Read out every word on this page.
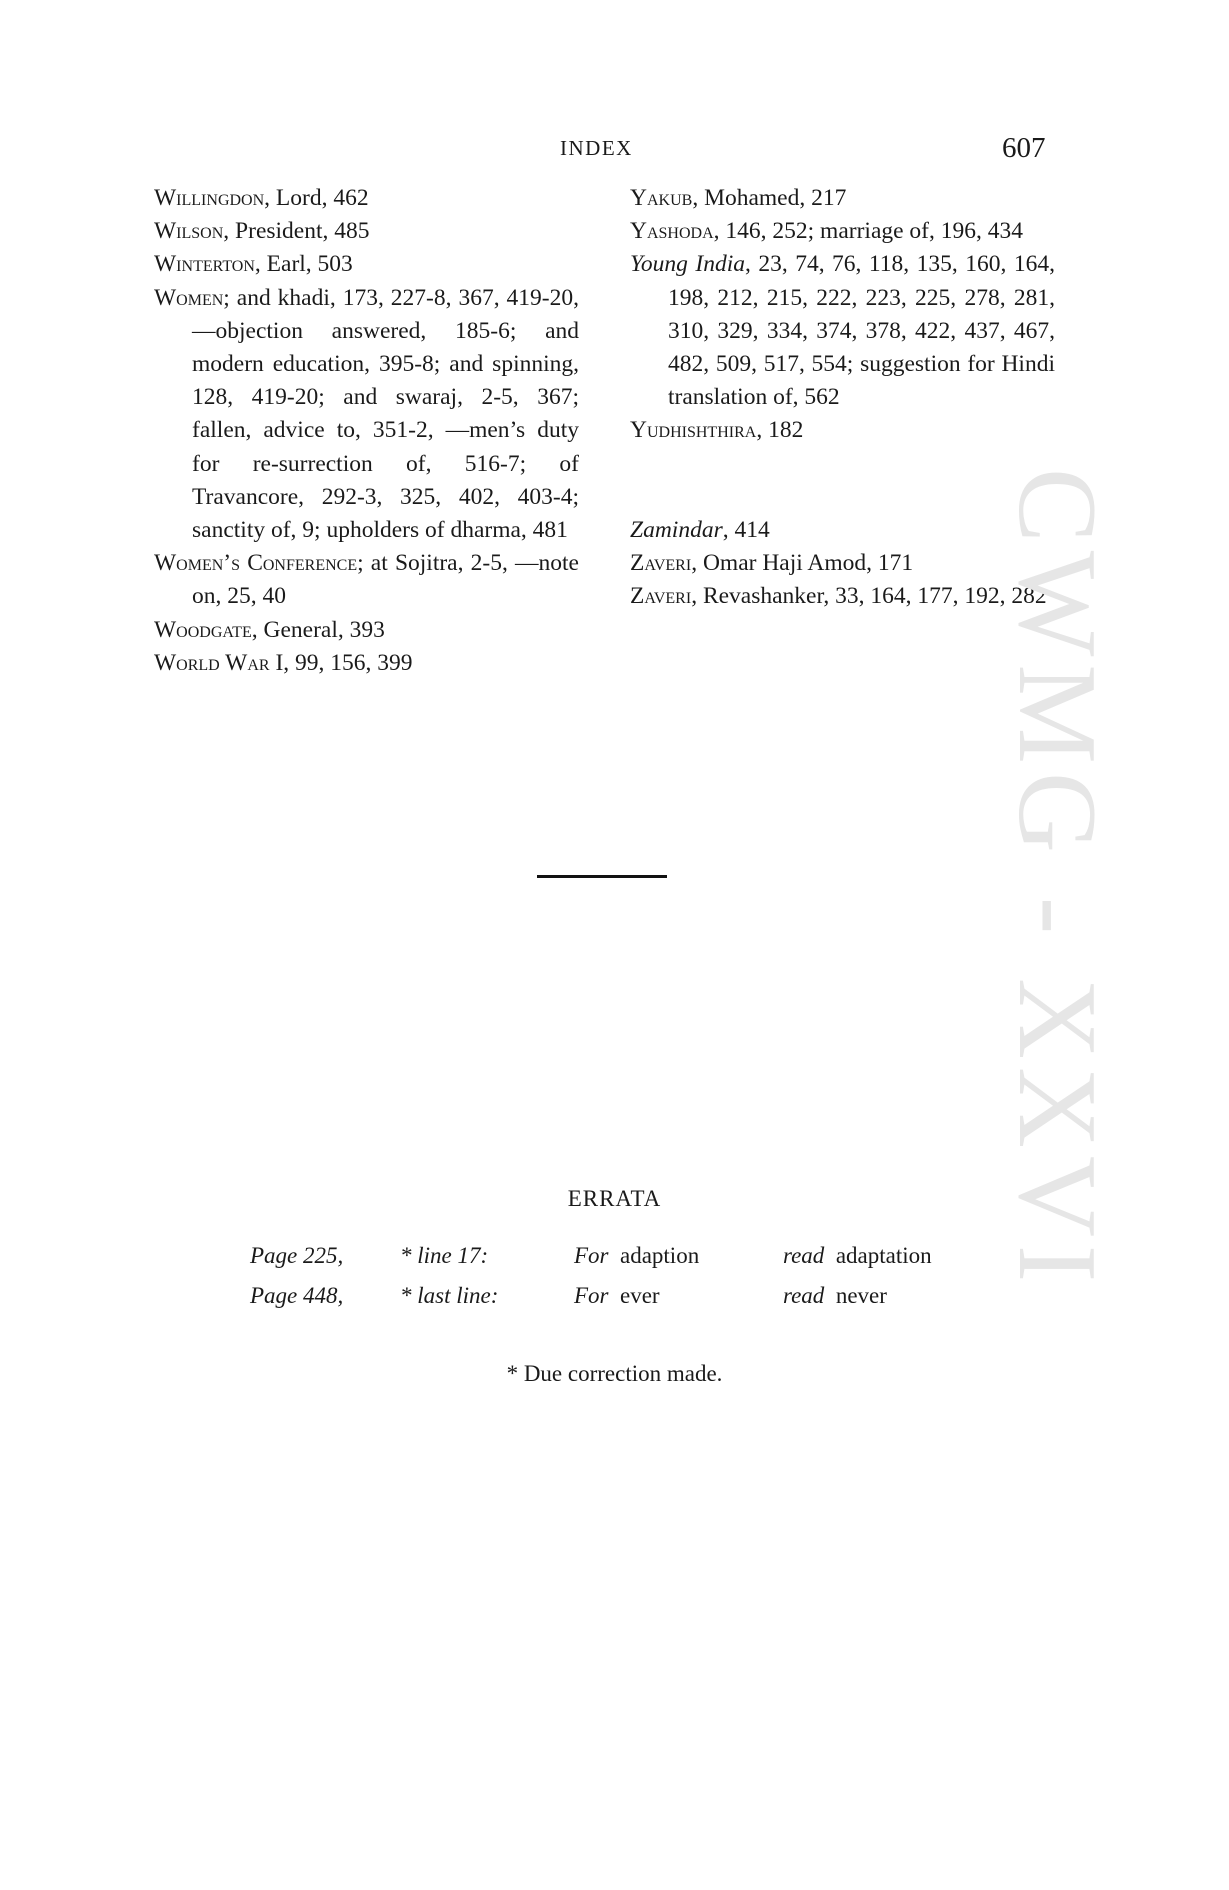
INDEX	607
Willingdon, Lord, 462
Wilson, President, 485
Winterton, Earl, 503
Women; and khadi, 173, 227-8, 367, 419-20, —objection answered, 185-6; and modern education, 395-8; and spinning, 128, 419-20; and swaraj, 2-5, 367; fallen, advice to, 351-2, —men’s duty for re-surrection of, 516-7; of Travancore, 292-3, 325, 402, 403-4; sanctity of, 9; upholders of dharma, 481
Women’s Conference; at Sojitra, 2-5, —note on, 25, 40
Woodgate, General, 393
World War I, 99, 156, 399
Yakub, Mohamed, 217
Yashoda, 146, 252; marriage of, 196, 434
Young India, 23, 74, 76, 118, 135, 160, 164, 198, 212, 215, 222, 223, 225, 278, 281, 310, 329, 334, 374, 378, 422, 437, 467, 482, 509, 517, 554; suggestion for Hindi translation of, 562
Yudhishthira, 182
Zamindar, 414
Zaveri, Omar Haji Amod, 171
Zaveri, Revashanker, 33, 164, 177, 192, 282
ERRATA
Page 225, * line 17:	For adaption	read adaptation
Page 448, * last line:	For ever	read never
* Due correction made.
CWMG - XXVI
